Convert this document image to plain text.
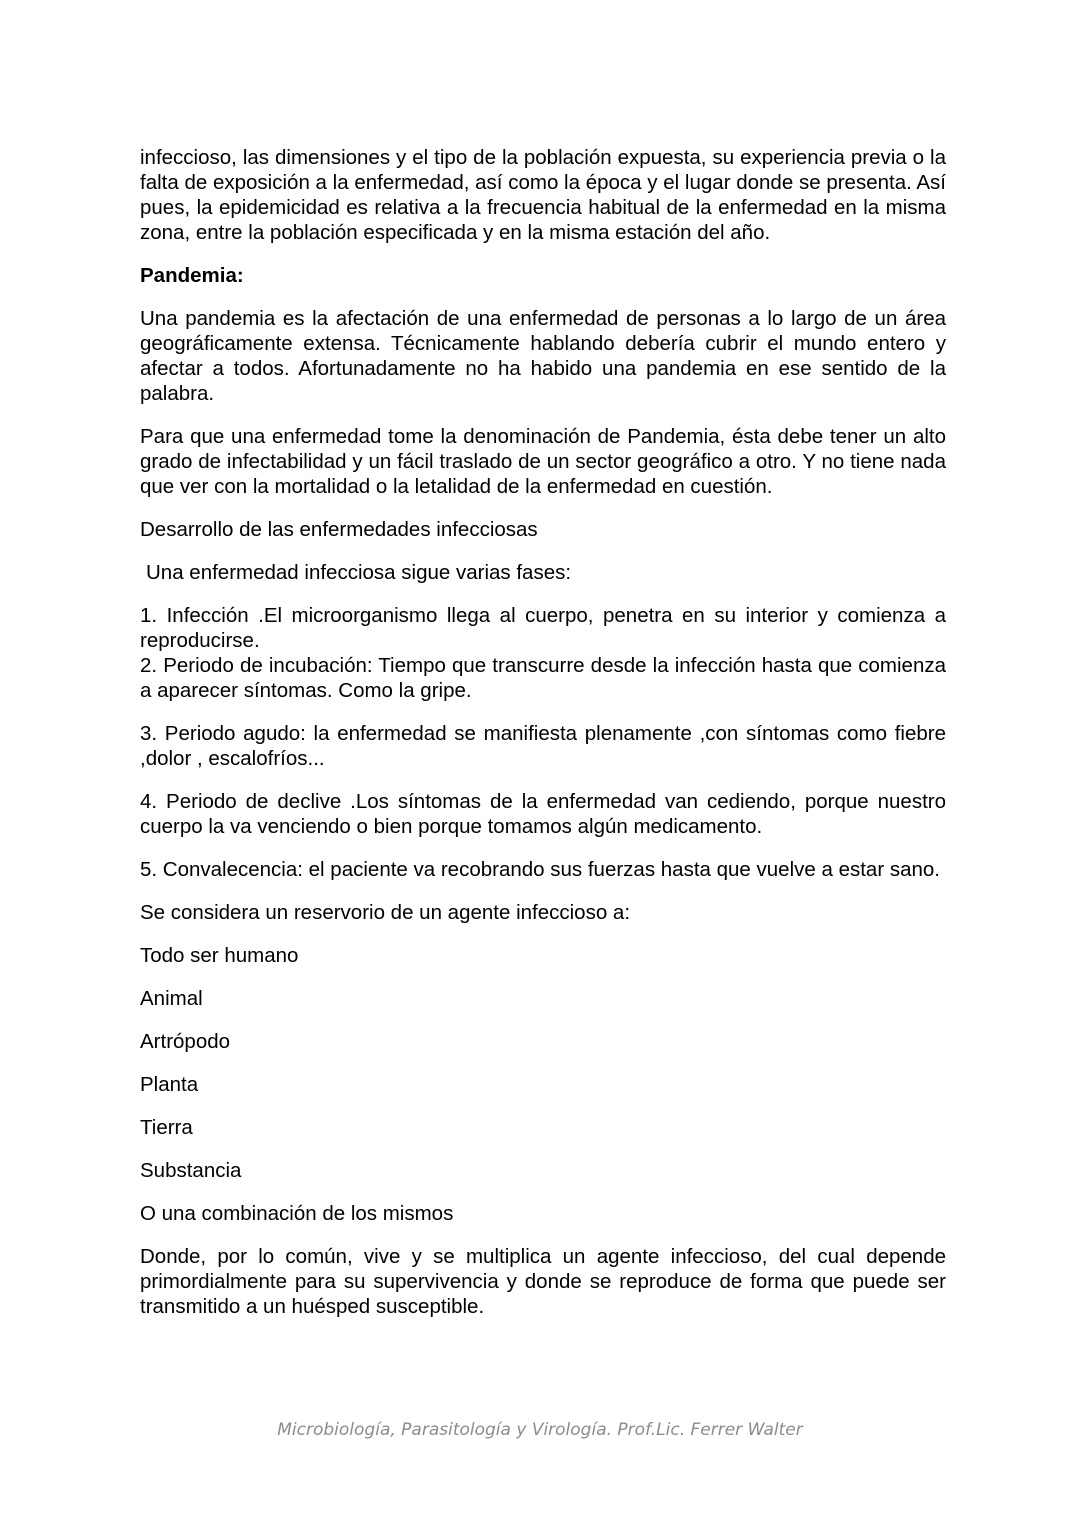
infeccioso, las dimensiones y el tipo de la población expuesta, su experiencia previa o la falta de exposición a la enfermedad, así como la época y el lugar donde se presenta. Así pues, la epidemicidad es relativa a la frecuencia habitual de la enfermedad en la misma zona, entre la población especificada y en la misma estación del año.

Pandemia:

Una pandemia es la afectación de una enfermedad de personas a lo largo de un área geográficamente extensa. Técnicamente hablando debería cubrir el mundo entero y afectar a todos. Afortunadamente no ha habido una pandemia en ese sentido de la palabra.

Para que una enfermedad tome la denominación de Pandemia, ésta debe tener un alto grado de infectabilidad y un fácil traslado de un sector geográfico a otro. Y no tiene nada que ver con la mortalidad o la letalidad de la enfermedad en cuestión.

Desarrollo de las enfermedades infecciosas

Una enfermedad infecciosa sigue varias fases:

1. Infección .El microorganismo llega al cuerpo, penetra en su interior y comienza a reproducirse.

2. Periodo de incubación: Tiempo que transcurre desde la infección hasta que comienza a aparecer síntomas. Como la gripe.

3. Periodo agudo: la enfermedad se manifiesta plenamente ,con síntomas como fiebre ,dolor , escalofríos...

4. Periodo de declive .Los síntomas de la enfermedad van cediendo, porque nuestro cuerpo la va venciendo o bien porque tomamos algún medicamento.

5. Convalecencia: el paciente va recobrando sus fuerzas hasta que vuelve a estar sano.

Se considera un reservorio de un agente infeccioso a:

Todo ser humano

Animal

Artrópodo

Planta

Tierra

Substancia

O una combinación de los mismos

Donde, por lo común, vive y se multiplica un agente infeccioso, del cual depende primordialmente para su supervivencia y donde se reproduce de forma que puede ser transmitido a un huésped susceptible.

Microbiología, Parasitología y Virología. Prof.Lic. Ferrer Walter
